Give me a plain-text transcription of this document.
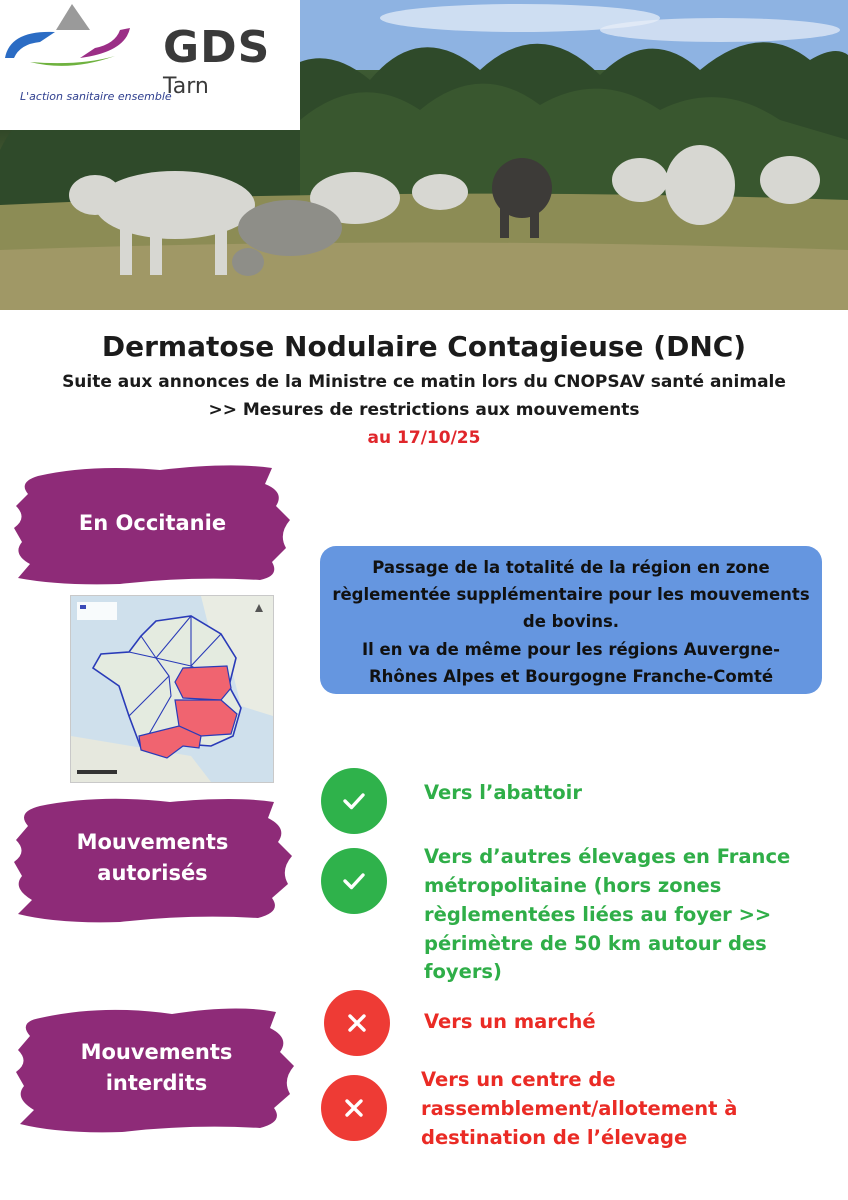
GDS
Tarn
L'action sanitaire ensemble
Dermatose Nodulaire Contagieuse (DNC)
Suite aux annonces de la Ministre ce matin lors du CNOPSAV santé animale
>> Mesures de restrictions aux mouvements
au 17/10/25
En Occitanie

Passage de la totalité de la région en zone règlementée supplémentaire pour les mouvements de bovins.

Il en va de même pour les régions Auvergne-Rhônes Alpes et Bourgogne Franche-Comté

Mouvements
autorisés
Vers l’abattoir
Vers d’autres élevages en France
métropolitaine (hors zones
règlementées liées au foyer >>
périmètre de 50 km autour des
foyers)
Mouvements
interdits
Vers un marché
Vers un centre de
rassemblement/allotement à
destination de l’élevage
